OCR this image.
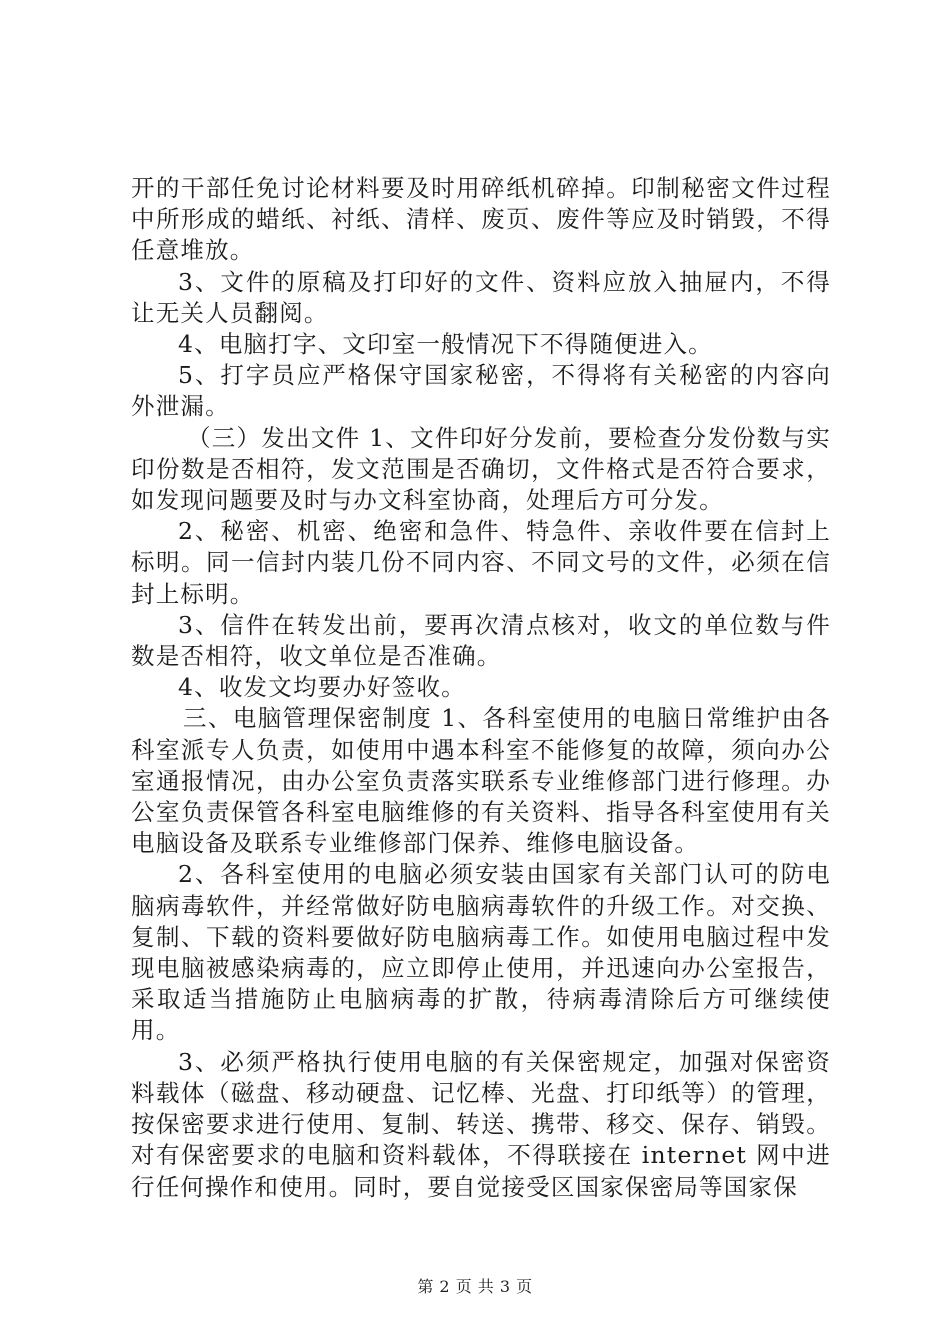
开的干部任免讨论材料要及时用碎纸机碎掉。印制秘密文件过程中所形成的蜡纸、衬纸、清样、废页、废件等应及时销毁，不得任意堆放。

3、文件的原稿及打印好的文件、资料应放入抽屉内，不得让无关人员翻阅。

4、电脑打字、文印室一般情况下不得随便进入。

5、打字员应严格保守国家秘密，不得将有关秘密的内容向外泄漏。

（三）发出文件 1、文件印好分发前，要检查分发份数与实印份数是否相符，发文范围是否确切，文件格式是否符合要求，如发现问题要及时与办文科室协商，处理后方可分发。

2、秘密、机密、绝密和急件、特急件、亲收件要在信封上标明。同一信封内装几份不同内容、不同文号的文件，必须在信封上标明。

3、信件在转发出前，要再次清点核对，收文的单位数与件数是否相符，收文单位是否准确。

4、收发文均要办好签收。

三、电脑管理保密制度 1、各科室使用的电脑日常维护由各科室派专人负责，如使用中遇本科室不能修复的故障，须向办公室通报情况，由办公室负责落实联系专业维修部门进行修理。办公室负责保管各科室电脑维修的有关资料、指导各科室使用有关电脑设备及联系专业维修部门保养、维修电脑设备。

2、各科室使用的电脑必须安装由国家有关部门认可的防电脑病毒软件，并经常做好防电脑病毒软件的升级工作。对交换、复制、下载的资料要做好防电脑病毒工作。如使用电脑过程中发现电脑被感染病毒的，应立即停止使用，并迅速向办公室报告，采取适当措施防止电脑病毒的扩散，待病毒清除后方可继续使用。

3、必须严格执行使用电脑的有关保密规定，加强对保密资料载体（磁盘、移动硬盘、记忆棒、光盘、打印纸等）的管理，按保密要求进行使用、复制、转送、携带、移交、保存、销毁。对有保密要求的电脑和资料载体，不得联接在 internet 网中进行任何操作和使用。同时，要自觉接受区国家保密局等国家保

第 2 页 共 3 页
